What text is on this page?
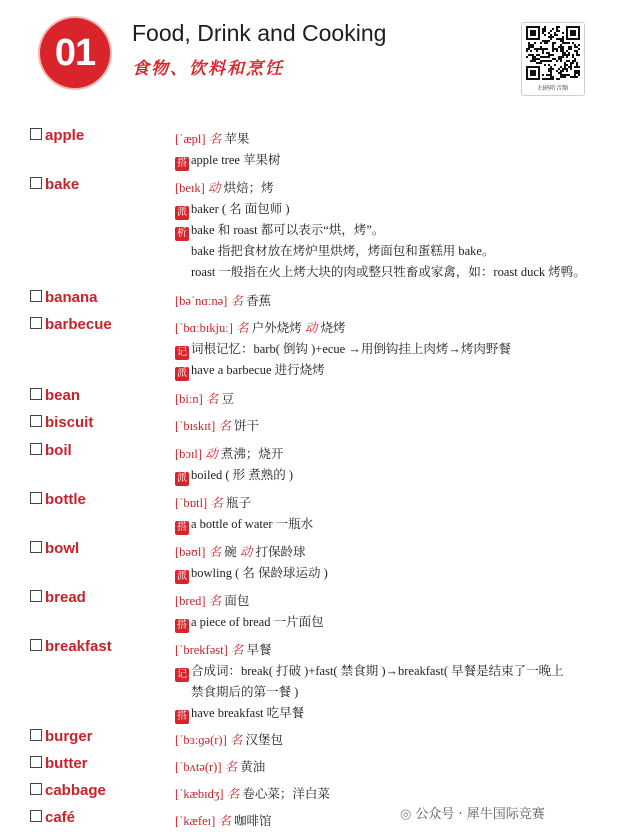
01	Food, Drink and Cooking
食物、饮料和烹饪
扫码听音频
apple	[ˈæpl] 名 苹果
搭 apple tree 苹果树
bake	[beɪk] 动 烘焙；烤
派 baker ( 名 面包师 )
析 bake 和 roast 都可以表示“烘，烤”。
bake 指把食材放在烤炉里烘烤，烤面包和蛋糕用 bake。
roast 一般指在火上烤大块的肉或整只牲畜或家禽，如：roast duck 烤鸭。
banana	[bəˈnɑːnə] 名 香蕉
barbecue	[ˈbɑːbɪkjuː] 名 户外烧烤 动 烧烤
记 词根记忆：barb( 倒钩 )+ecue →用倒钩挂上肉烤→烤肉野餐
派 have a barbecue 进行烧烤
bean	[biːn] 名 豆
biscuit	[ˈbɪskɪt] 名 饼干
boil	[bɔɪl] 动 煮沸；烧开
派 boiled ( 形 煮熟的 )
bottle	[ˈbɒtl] 名 瓶子
搭 a bottle of water 一瓶水
bowl	[bəʊl] 名 碗 动 打保龄球
派 bowling ( 名 保龄球运动 )
bread	[bred] 名 面包
搭 a piece of bread 一片面包
breakfast	[ˈbrekfəst] 名 早餐
记 合成词：break( 打破 )+fast( 禁食期 )→breakfast( 早餐是结束了一晚上
禁食期后的第一餐 )
搭 have breakfast 吃早餐
burger	[ˈbɜːɡə(r)] 名 汉堡包
butter	[ˈbʌtə(r)] 名 黄油
cabbage	[ˈkæbɪdʒ] 名 卷心菜；洋白菜
café	[ˈkæfeɪ] 名 咖啡馆	◎ 公众号 · 犀牛国际竞赛
